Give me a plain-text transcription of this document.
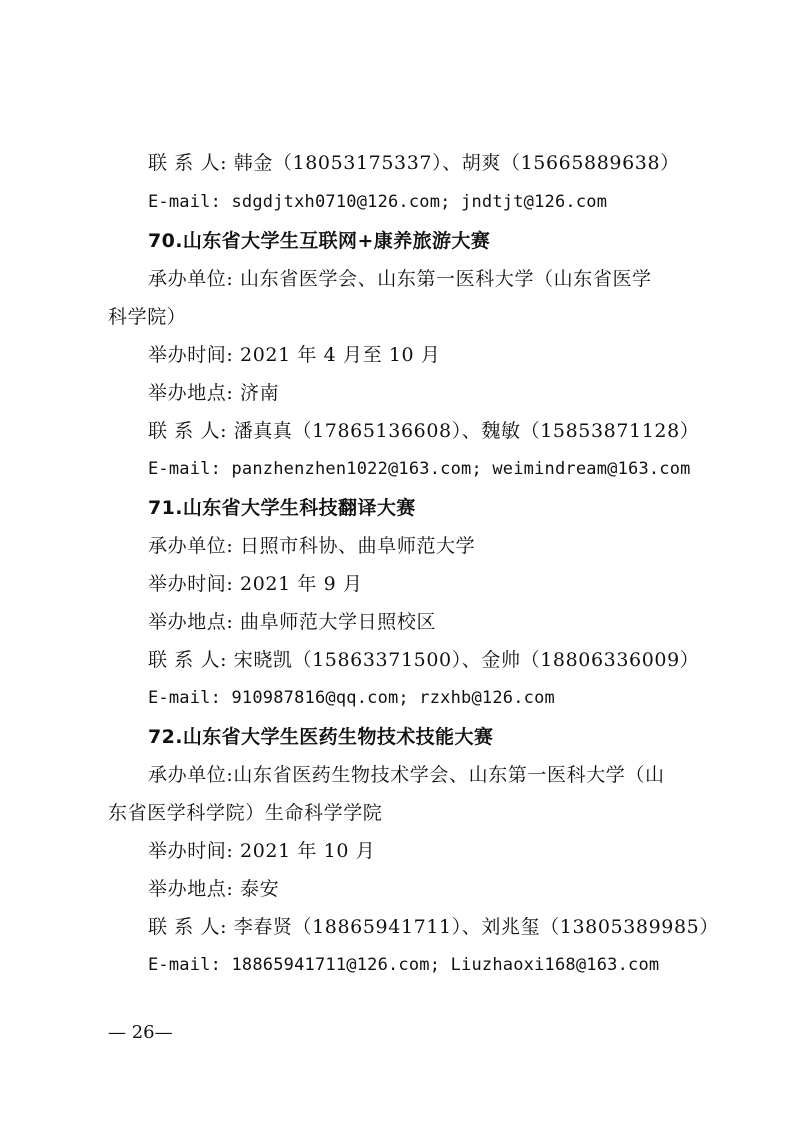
联 系 人: 韩金（18053175337）、胡爽（15665889638）
E-mail: sdgdjtxh0710@126.com; jndtjt@126.com
70.山东省大学生互联网+康养旅游大赛
承办单位: 山东省医学会、山东第一医科大学（山东省医学
科学院）
举办时间: 2021 年 4 月至 10 月
举办地点: 济南
联 系 人: 潘真真（17865136608）、魏敏（15853871128）
E-mail: panzhenzhen1022@163.com; weimindream@163.com
71.山东省大学生科技翻译大赛
承办单位: 日照市科协、曲阜师范大学
举办时间: 2021 年 9 月
举办地点: 曲阜师范大学日照校区
联 系 人: 宋晓凯（15863371500）、金帅（18806336009）
E-mail: 910987816@qq.com; rzxhb@126.com
72.山东省大学生医药生物技术技能大赛
承办单位:山东省医药生物技术学会、山东第一医科大学（山
东省医学科学院）生命科学学院
举办时间: 2021 年 10 月
举办地点: 泰安
联 系 人: 李春贤（18865941711）、刘兆玺（13805389985）
E-mail: 18865941711@126.com; Liuzhaoxi168@163.com
— 26—
